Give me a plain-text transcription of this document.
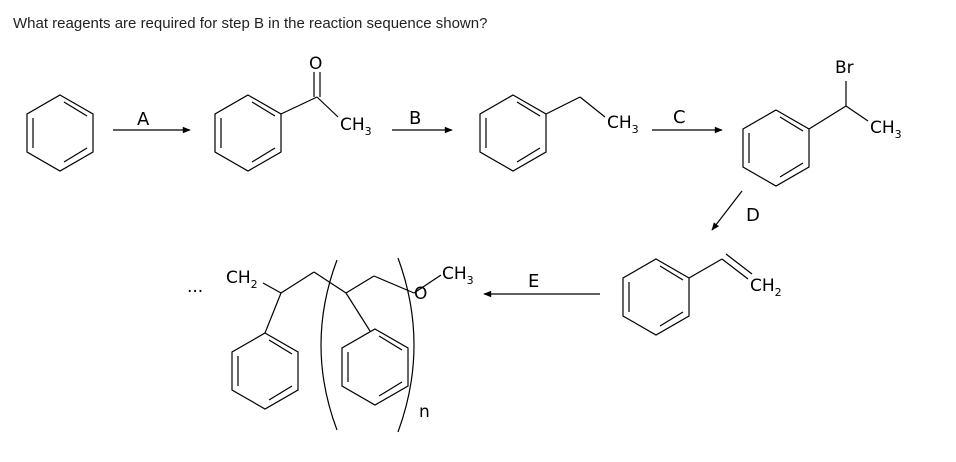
What reagents are required for step B in the reaction sequence shown?
A
O
$CH_3$
B	$CH_3$
C
Br
$CH_3$
D
$CH_2$
E
... $CH_2$	O
$CH_3$
n
